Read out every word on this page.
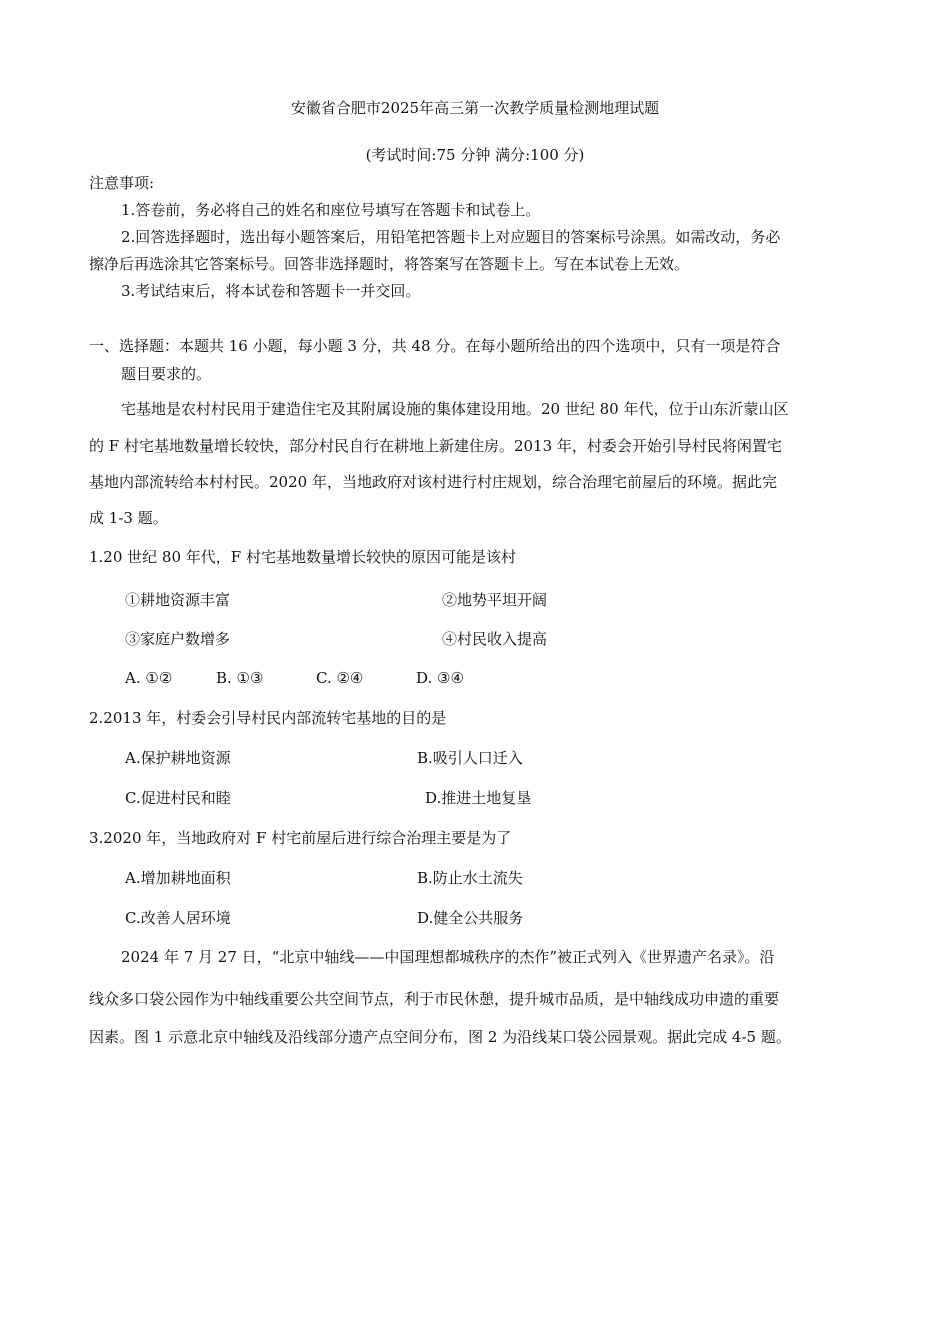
安徽省合肥市2025年高三第一次教学质量检测地理试题
(考试时间:75 分钟 满分:100 分)
注意事项:
1.答卷前，务必将自己的姓名和座位号填写在答题卡和试卷上。
2.回答选择题时，选出每小题答案后，用铅笔把答题卡上对应题目的答案标号涂黑。如需改动，务必
擦净后再选涂其它答案标号。回答非选择题时，将答案写在答题卡上。写在本试卷上无效。
3.考试结束后，将本试卷和答题卡一并交回。
一、选择题：本题共 16 小题，每小题 3 分，共 48 分。在每小题所给出的四个选项中，只有一项是符合
题目要求的。
宅基地是农村村民用于建造住宅及其附属设施的集体建设用地。20 世纪 80 年代，位于山东沂蒙山区
的 F 村宅基地数量增长较快，部分村民自行在耕地上新建住房。2013 年，村委会开始引导村民将闲置宅
基地内部流转给本村村民。2020 年，当地政府对该村进行村庄规划，综合治理宅前屋后的环境。据此完
成 1-3 题。
1.20 世纪 80 年代，F 村宅基地数量增长较快的原因可能是该村
①耕地资源丰富	②地势平坦开阔
③家庭户数增多	④村民收入提高
A. ①②	B. ①③	C. ②④	D. ③④
2.2013 年，村委会引导村民内部流转宅基地的目的是
A.保护耕地资源	B.吸引人口迁入
C.促进村民和睦	D.推进土地复垦
3.2020 年，当地政府对 F 村宅前屋后进行综合治理主要是为了
A.增加耕地面积	B.防止水土流失
C.改善人居环境	D.健全公共服务
2024 年 7 月 27 日，“北京中轴线——中国理想都城秩序的杰作”被正式列入《世界遗产名录》。沿
线众多口袋公园作为中轴线重要公共空间节点，利于市民休憩，提升城市品质，是中轴线成功申遗的重要
因素。图 1 示意北京中轴线及沿线部分遗产点空间分布，图 2 为沿线某口袋公园景观。据此完成 4-5 题。
